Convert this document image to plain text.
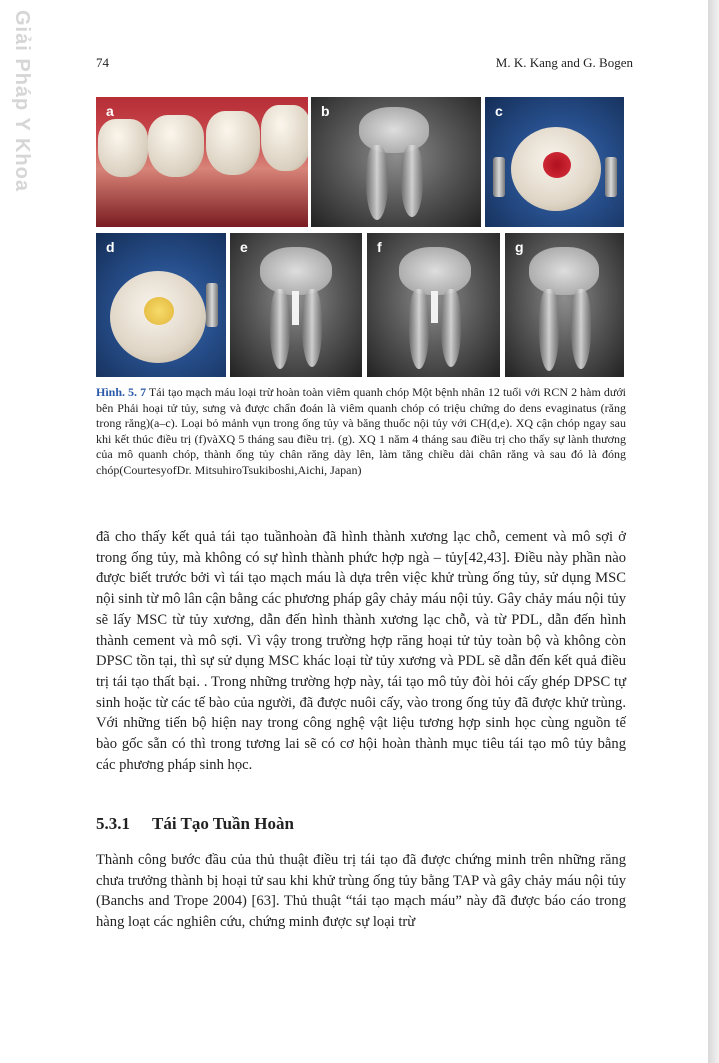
Giải Pháp Y Khoa	74	M. K. Kang and G. Bogen
a	b	c
d	e	f	g
Hình. 5. 7 Tái tạo mạch máu loại trừ hoàn toàn viêm quanh chóp Một bệnh nhân 12 tuổi với RCN 2 hàm dưới bên Phải hoại tử tủy, sưng và được chẩn đoán là viêm quanh chóp có triệu chứng do dens evaginatus (răng trong răng)(a–c). Loại bỏ mảnh vụn trong ống tủy và băng thuốc nội tủy với CH(d,e). XQ cận chóp ngay sau khi kết thúc điều trị (f)vàXQ 5 tháng sau điều trị. (g). XQ 1 năm 4 tháng sau điều trị cho thấy sự lành thương của mô quanh chóp, thành ống tủy chân răng dày lên, làm tăng chiều dài chân răng và sau đó là đóng chóp(CourtesyofDr. MitsuhiroTsukiboshi,Aichi, Japan)
đã cho thấy kết quả tái tạo tuầnhoàn đã hình thành xương lạc chỗ, cement và mô sợi ở trong ống tủy, mà không có sự hình thành phức hợp ngà – tủy[42,43]. Điều này phần nào được biết trước bởi vì tái tạo mạch máu là dựa trên việc khử trùng ống tủy, sử dụng MSC nội sinh từ mô lân cận bằng các phương pháp gây chảy máu nội tủy. Gây chảy máu nội tủy sẽ lấy MSC từ tủy xương, dẫn đến hình thành xương lạc chỗ, và từ PDL, dẫn đến hình thành cement và mô sợi. Vì vậy trong trường hợp răng hoại tử tủy toàn bộ và không còn DPSC tồn tại, thì sự sử dụng MSC khác loại từ tủy xương và PDL sẽ dẫn đến kết quả điều trị tái tạo thất bại. . Trong những trường hợp này, tái tạo mô tủy đòi hỏi cấy ghép DPSC tự sinh hoặc từ các tế bào của người, đã được nuôi cấy, vào trong ống tủy đã được khử trùng. Với những tiến bộ hiện nay trong công nghệ vật liệu tương hợp sinh học cùng nguồn tế bào gốc sẵn có thì trong tương lai sẽ có cơ hội hoàn thành mục tiêu tái tạo mô tủy bằng các phương pháp sinh học.
5.3.1 Tái Tạo Tuần Hoàn
Thành công bước đầu của thủ thuật điều trị tái tạo đã được chứng minh trên những răng chưa trưởng thành bị hoại tử sau khi khử trùng ống tủy bằng TAP và gây chảy máu nội tủy (Banchs and Trope 2004) [63]. Thủ thuật “tái tạo mạch máu” này đã được báo cáo trong hàng loạt các nghiên cứu, chứng minh được sự loại trừ
